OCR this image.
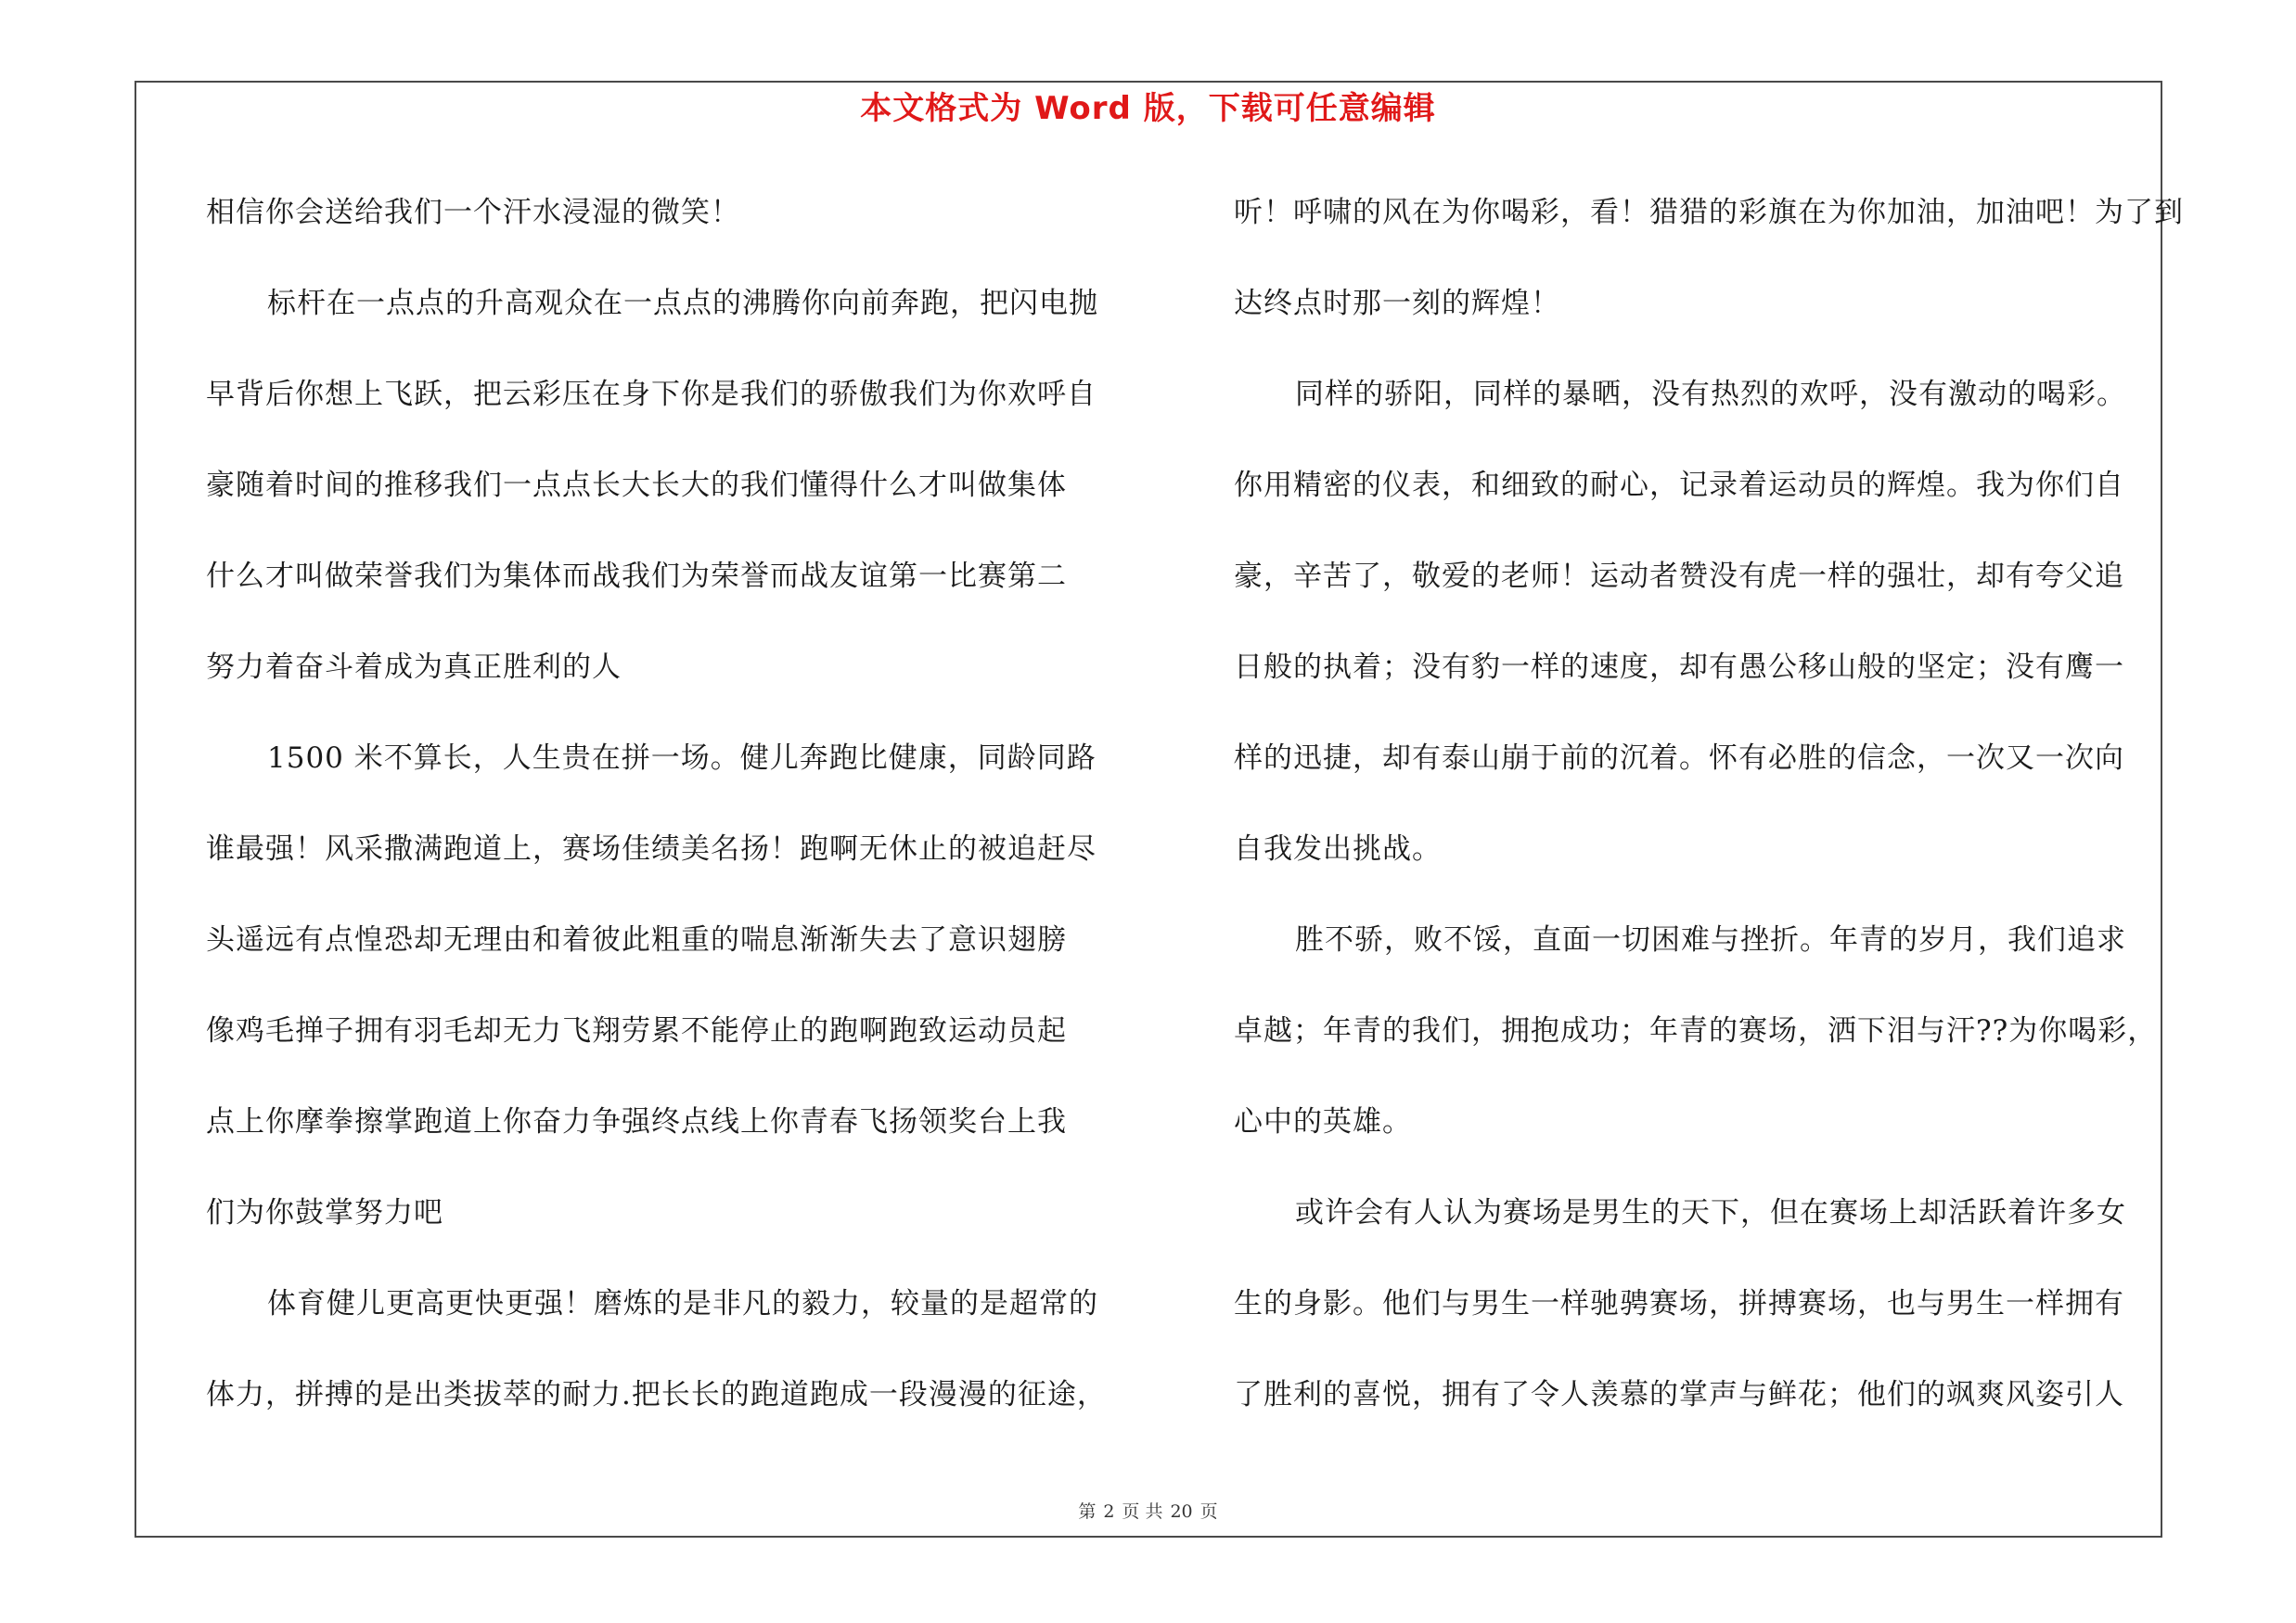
本文格式为 Word 版，下载可任意编辑
相信你会送给我们一个汗水浸湿的微笑！
标杆在一点点的升高观众在一点点的沸腾你向前奔跑，把闪电抛
早背后你想上飞跃，把云彩压在身下你是我们的骄傲我们为你欢呼自
豪随着时间的推移我们一点点长大长大的我们懂得什么才叫做集体
什么才叫做荣誉我们为集体而战我们为荣誉而战友谊第一比赛第二
努力着奋斗着成为真正胜利的人
1500 米不算长，人生贵在拼一场。健儿奔跑比健康，同龄同路
谁最强！风采撒满跑道上，赛场佳绩美名扬！跑啊无休止的被追赶尽
头遥远有点惶恐却无理由和着彼此粗重的喘息渐渐失去了意识翅膀
像鸡毛掸子拥有羽毛却无力飞翔劳累不能停止的跑啊跑致运动员起
点上你摩拳擦掌跑道上你奋力争强终点线上你青春飞扬领奖台上我
们为你鼓掌努力吧
体育健儿更高更快更强！磨炼的是非凡的毅力，较量的是超常的
体力，拼搏的是出类拔萃的耐力.把长长的跑道跑成一段漫漫的征途，
听！呼啸的风在为你喝彩，看！猎猎的彩旗在为你加油，加油吧！为了到
达终点时那一刻的辉煌！
同样的骄阳，同样的暴晒，没有热烈的欢呼，没有激动的喝彩。
你用精密的仪表，和细致的耐心，记录着运动员的辉煌。我为你们自
豪，辛苦了，敬爱的老师！运动者赞没有虎一样的强壮，却有夸父追
日般的执着；没有豹一样的速度，却有愚公移山般的坚定；没有鹰一
样的迅捷，却有泰山崩于前的沉着。怀有必胜的信念，一次又一次向
自我发出挑战。
胜不骄，败不馁，直面一切困难与挫折。年青的岁月，我们追求
卓越；年青的我们，拥抱成功；年青的赛场，洒下泪与汗??为你喝彩，
心中的英雄。
或许会有人认为赛场是男生的天下，但在赛场上却活跃着许多女
生的身影。他们与男生一样驰骋赛场，拼搏赛场，也与男生一样拥有
了胜利的喜悦，拥有了令人羡慕的掌声与鲜花；他们的飒爽风姿引人
第 2 页 共 20 页
